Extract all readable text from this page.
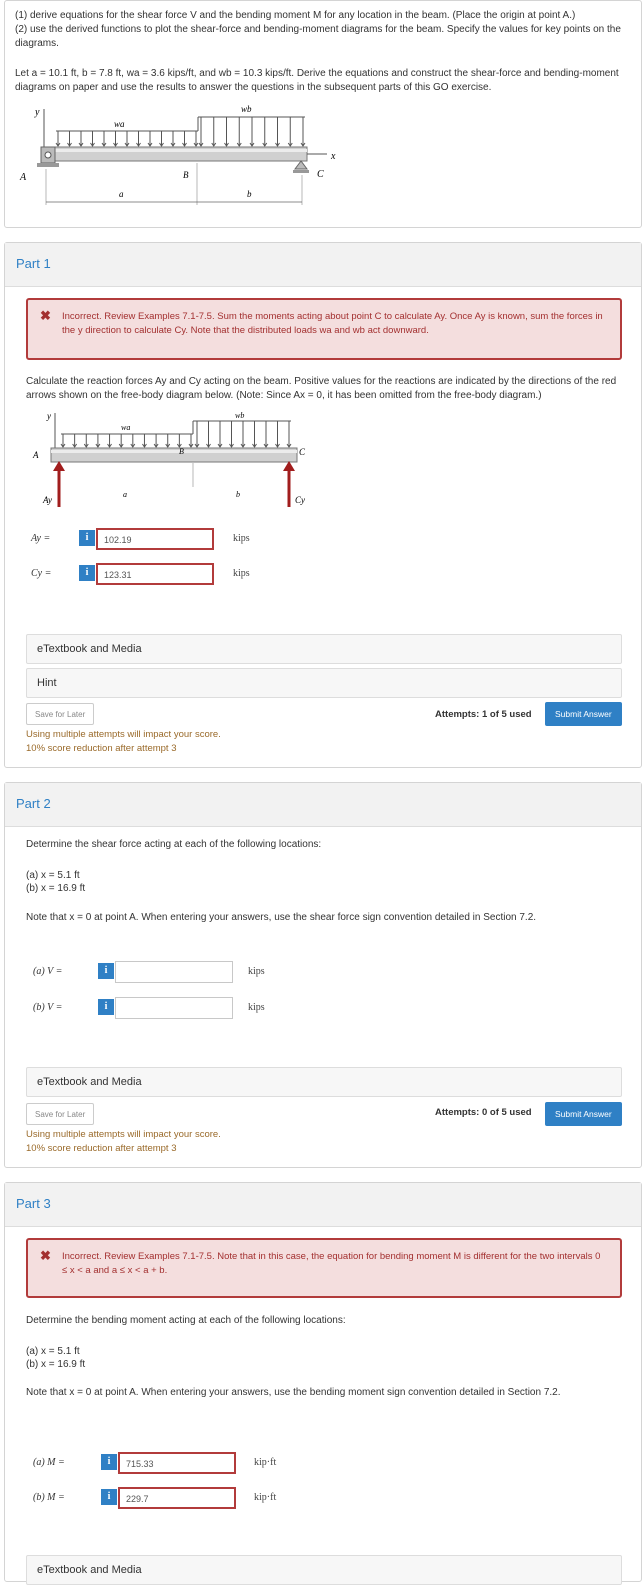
(1) derive equations for the shear force V and the bending moment M for any location in the beam. (Place the origin at point A.)

(2) use the derived functions to plot the shear-force and bending-moment diagrams for the beam. Specify the values for key points on the diagrams.

Let a = 10.1 ft, b = 7.8 ft, wa = 3.6 kips/ft, and wb = 10.3 kips/ft. Derive the equations and construct the shear-force and bending-moment diagrams on paper and use the results to answer the questions in the subsequent parts of this GO exercise.

y
wa
wb
A	B	C
x
a	b
Part 1
✖ Incorrect. Review Examples 7.1-7.5. Sum the moments acting about point C to calculate Ay. Once Ay is known, sum the forces in the y direction to calculate Cy. Note that the distributed loads wa and wb act downward.
Calculate the reaction forces Ay and Cy acting on the beam. Positive values for the reactions are indicated by the directions of the red arrows shown on the free-body diagram below. (Note: Since Ax = 0, it has been omitted from the free-body diagram.)
y
wa
wb
A	B	C
a	b
Ay	Cy
Ay =	i	102.19	kips
Cy =	i	123.31	kips
eTextbook and Media
Hint
Save for Later	Attempts: 1 of 5 used	Submit Answer
Using multiple attempts will impact your score.
10% score reduction after attempt 3
Part 2
Determine the shear force acting at each of the following locations:
(a) x = 5.1 ft
(b) x = 16.9 ft
Note that x = 0 at point A. When entering your answers, use the shear force sign convention detailed in Section 7.2.
(a) V =	i	kips
(b) V =	i	kips
eTextbook and Media
Save for Later	Attempts: 0 of 5 used	Submit Answer
Using multiple attempts will impact your score.
10% score reduction after attempt 3
Part 3
✖ Incorrect. Review Examples 7.1-7.5. Note that in this case, the equation for bending moment M is different for the two intervals 0 ≤ x < a and a ≤ x < a + b.
Determine the bending moment acting at each of the following locations:
(a) x = 5.1 ft
(b) x = 16.9 ft
Note that x = 0 at point A. When entering your answers, use the bending moment sign convention detailed in Section 7.2.
(a) M =	i	715.33	kip·ft
(b) M =	i	229.7	kip·ft
eTextbook and Media
